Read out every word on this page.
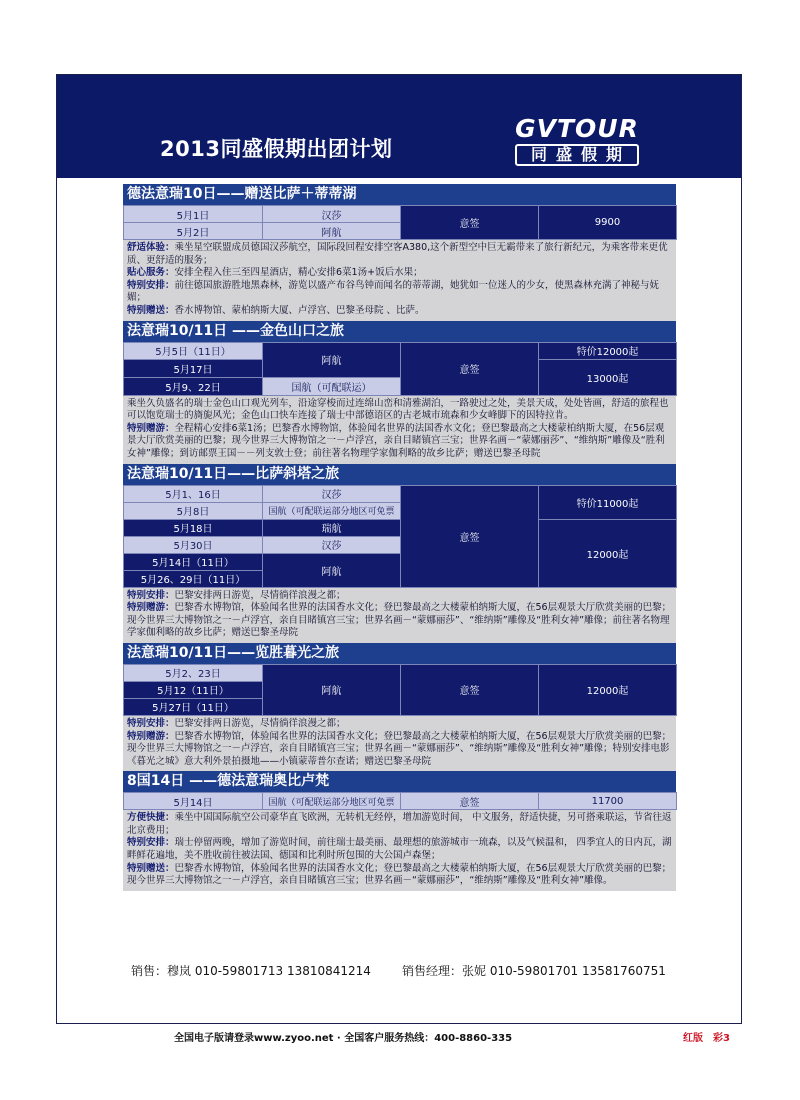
2013同盛假期出团计划
GVTOUR
同盛假期
德法意瑞10日——赠送比萨＋蒂蒂湖
5月1日	汉莎	意签	9900
5月2日	阿航		

舒适体验：乘坐星空联盟成员德国汉莎航空，国际段回程安排空客A380,这个新型空中巨无霸带来了旅行新纪元，为乘客带来更优质、更舒适的服务；

贴心服务：安排全程入住三至四星酒店，精心安排6菜1汤+饭后水果；

特别安排：前往德国旅游胜地黑森林，游览以盛产布谷鸟钟而闻名的蒂蒂湖，她犹如一位迷人的少女，使黑森林充满了神秘与妩媚；

特别赠送：香水博物馆、蒙柏纳斯大厦、卢浮宫、巴黎圣母院 、比萨。

法意瑞10/11日 ——金色山口之旅
5月5日（11日）	阿航	意签	特价12000起
5月17日			13000起
5月9、22日	国航（可配联运）		

乘坐久负盛名的瑞士金色山口观光列车，沿途穿梭而过连绵山峦和清雅湖泊，一路驶过之处，美景天成，处处皆画，舒适的旅程也可以饱览瑞士的旖旎风光；金色山口快车连接了瑞士中部德语区的古老城市琉森和少女峰脚下的因特拉肯。

特别赠游：全程精心安排6菜1汤；巴黎香水博物馆，体验闻名世界的法国香水文化；登巴黎最高之大楼蒙柏纳斯大厦，在56层观景大厅欣赏美丽的巴黎；现今世界三大博物馆之一－卢浮宫，亲自目睹镇宫三宝；世界名画－“蒙娜丽莎”、“维纳斯”雕像及“胜利女神”雕像；到访邮票王国－－列支敦士登；前往著名物理学家伽利略的故乡比萨；赠送巴黎圣母院

法意瑞10/11日——比萨斜塔之旅
5月1、16日	汉莎	意签	特价11000起
5月8日	国航（可配联运部分地区可免票		
5月18日	瑞航		12000起
5月30日	汉莎		
5月14日（11日）	阿航		
5月26、29日（11日）			

特别安排：巴黎安排两日游览，尽情徜徉浪漫之都；

特别赠游：巴黎香水博物馆，体验闻名世界的法国香水文化；登巴黎最高之大楼蒙柏纳斯大厦，在56层观景大厅欣赏美丽的巴黎；现今世界三大博物馆之一－卢浮宫，亲自目睹镇宫三宝；世界名画－“蒙娜丽莎”、“维纳斯”雕像及“胜利女神”雕像；前往著名物理学家伽利略的故乡比萨；赠送巴黎圣母院

法意瑞10/11日——览胜暮光之旅
5月2、23日	阿航	意签	12000起
5月12（11日）
5月27日（11日）

特别安排：巴黎安排两日游览，尽情徜徉浪漫之都；

特别赠游：巴黎香水博物馆，体验闻名世界的法国香水文化；登巴黎最高之大楼蒙柏纳斯大厦，在56层观景大厅欣赏美丽的巴黎；现今世界三大博物馆之一－卢浮宫，亲自目睹镇宫三宝；世界名画－“蒙娜丽莎”、“维纳斯”雕像及“胜利女神”雕像；特别安排电影《暮光之城》意大利外景拍摄地——小镇蒙蒂普尔查诺；赠送巴黎圣母院

8国14日 ——德法意瑞奥比卢梵
5月14日	国航（可配联运部分地区可免票	意签	11700

方便快捷：乘坐中国国际航空公司豪华直飞欧洲，无转机无经停，增加游览时间， 中文服务，舒适快捷，另可搭乘联运，节省往返北京费用；

特别安排：瑞士停留两晚，增加了游览时间，前往瑞士最美丽、最理想的旅游城市一琉森，以及气候温和， 四季宜人的日内瓦，湖畔鲜花遍地，美不胜收前往被法国、德国和比利时所包围的大公国卢森堡；

特别赠送：巴黎香水博物馆，体验闻名世界的法国香水文化；登巴黎最高之大楼蒙柏纳斯大厦，在56层观景大厅欣赏美丽的巴黎；现今世界三大博物馆之一－卢浮宫，亲自目睹镇宫三宝；世界名画－“蒙娜丽莎”，“维纳斯”雕像及“胜利女神”雕像。

销售：穆岚 010-59801713 13810841214	销售经理：张妮 010-59801701 13581760751
全国电子版请登录www.zyoo.net · 全国客户服务热线：400-8860-335	红版　彩3
